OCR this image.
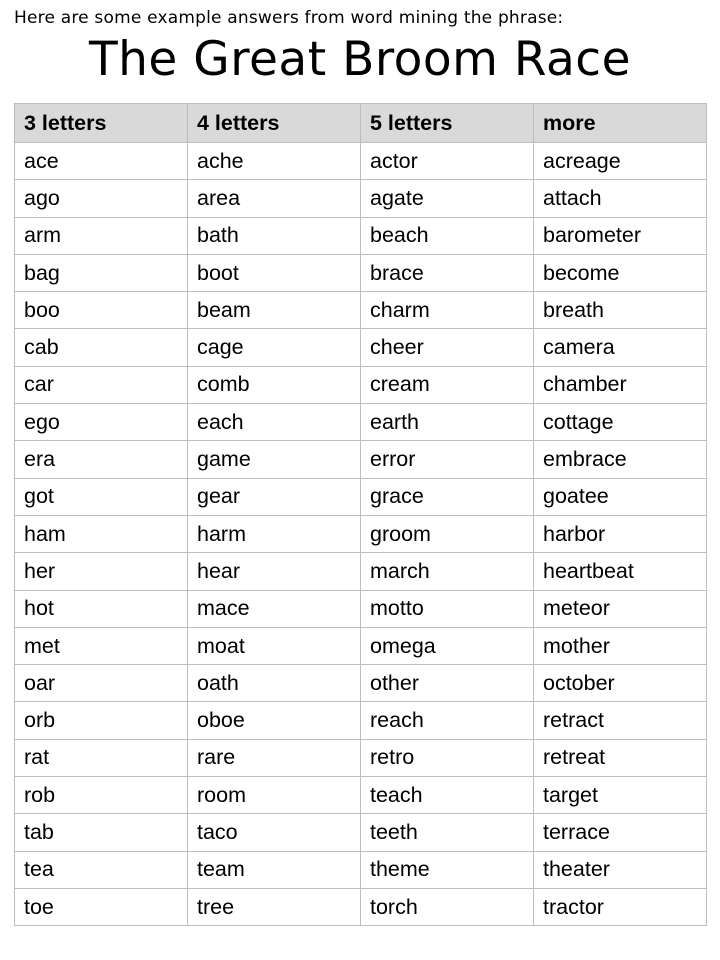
Here are some example answers from word mining the phrase:
The Great Broom Race
3 letters	4 letters	5 letters	more
ace	ache	actor	acreage
ago	area	agate	attach
arm	bath	beach	barometer
bag	boot	brace	become
boo	beam	charm	breath
cab	cage	cheer	camera
car	comb	cream	chamber
ego	each	earth	cottage
era	game	error	embrace
got	gear	grace	goatee
ham	harm	groom	harbor
her	hear	march	heartbeat
hot	mace	motto	meteor
met	moat	omega	mother
oar	oath	other	october
orb	oboe	reach	retract
rat	rare	retro	retreat
rob	room	teach	target
tab	taco	teeth	terrace
tea	team	theme	theater
toe	tree	torch	tractor
